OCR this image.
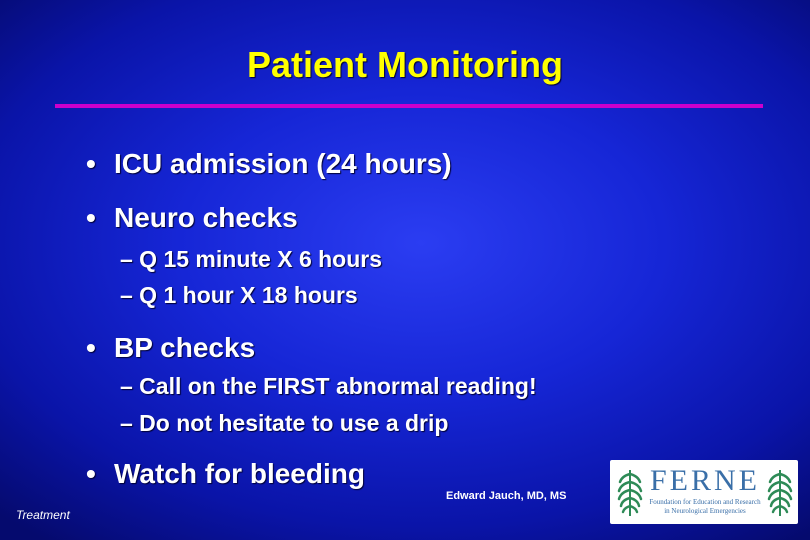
Patient Monitoring
• ICU admission (24 hours)
• Neuro checks
– Q 15 minute X 6 hours
– Q 1 hour X 18 hours
• BP checks
– Call on the FIRST abnormal reading!
– Do not hesitate to use a drip
• Watch for bleeding
Treatment
Edward Jauch, MD, MS	FERNE
Foundation for Education and Research
in Neurological Emergencies
